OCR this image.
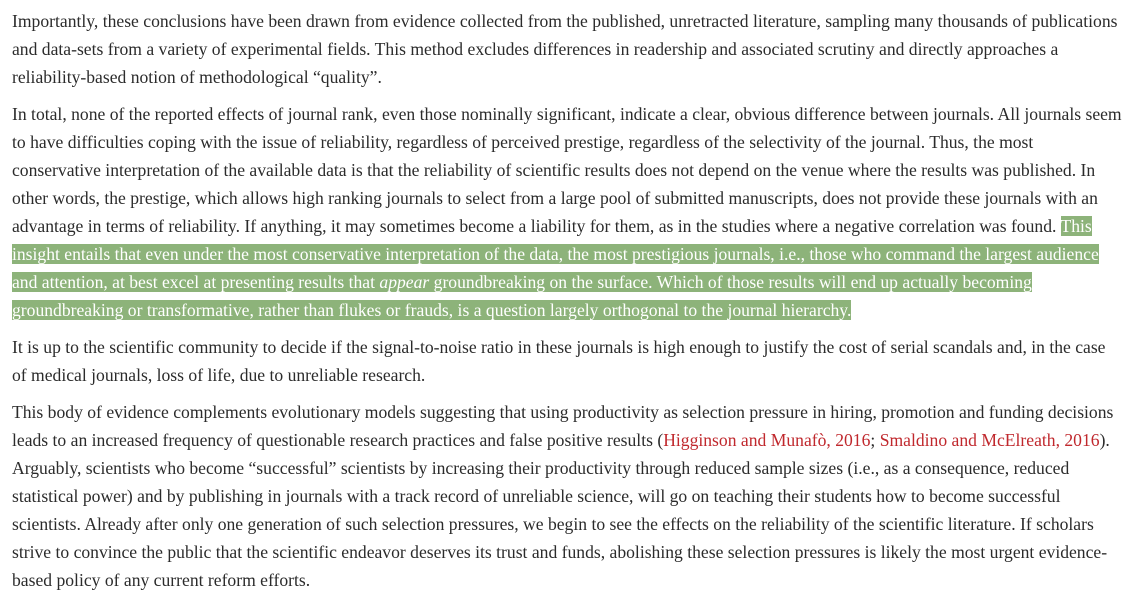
Importantly, these conclusions have been drawn from evidence collected from the published, unretracted literature, sampling many thousands of publications and data-sets from a variety of experimental fields. This method excludes differences in readership and associated scrutiny and directly approaches a reliability-based notion of methodological “quality”.

In total, none of the reported effects of journal rank, even those nominally significant, indicate a clear, obvious difference between journals. All journals seem to have difficulties coping with the issue of reliability, regardless of perceived prestige, regardless of the selectivity of the journal. Thus, the most conservative interpretation of the available data is that the reliability of scientific results does not depend on the venue where the results was published. In other words, the prestige, which allows high ranking journals to select from a large pool of submitted manuscripts, does not provide these journals with an advantage in terms of reliability. If anything, it may sometimes become a liability for them, as in the studies where a negative correlation was found. This insight entails that even under the most conservative interpretation of the data, the most prestigious journals, i.e., those who command the largest audience and attention, at best excel at presenting results that appear groundbreaking on the surface. Which of those results will end up actually becoming groundbreaking or transformative, rather than flukes or frauds, is a question largely orthogonal to the journal hierarchy.

It is up to the scientific community to decide if the signal-to-noise ratio in these journals is high enough to justify the cost of serial scandals and, in the case of medical journals, loss of life, due to unreliable research.

This body of evidence complements evolutionary models suggesting that using productivity as selection pressure in hiring, promotion and funding decisions leads to an increased frequency of questionable research practices and false positive results (Higginson and Munafò, 2016; Smaldino and McElreath, 2016). Arguably, scientists who become “successful” scientists by increasing their productivity through reduced sample sizes (i.e., as a consequence, reduced statistical power) and by publishing in journals with a track record of unreliable science, will go on teaching their students how to become successful scientists. Already after only one generation of such selection pressures, we begin to see the effects on the reliability of the scientific literature. If scholars strive to convince the public that the scientific endeavor deserves its trust and funds, abolishing these selection pressures is likely the most urgent evidence-based policy of any current reform efforts.
